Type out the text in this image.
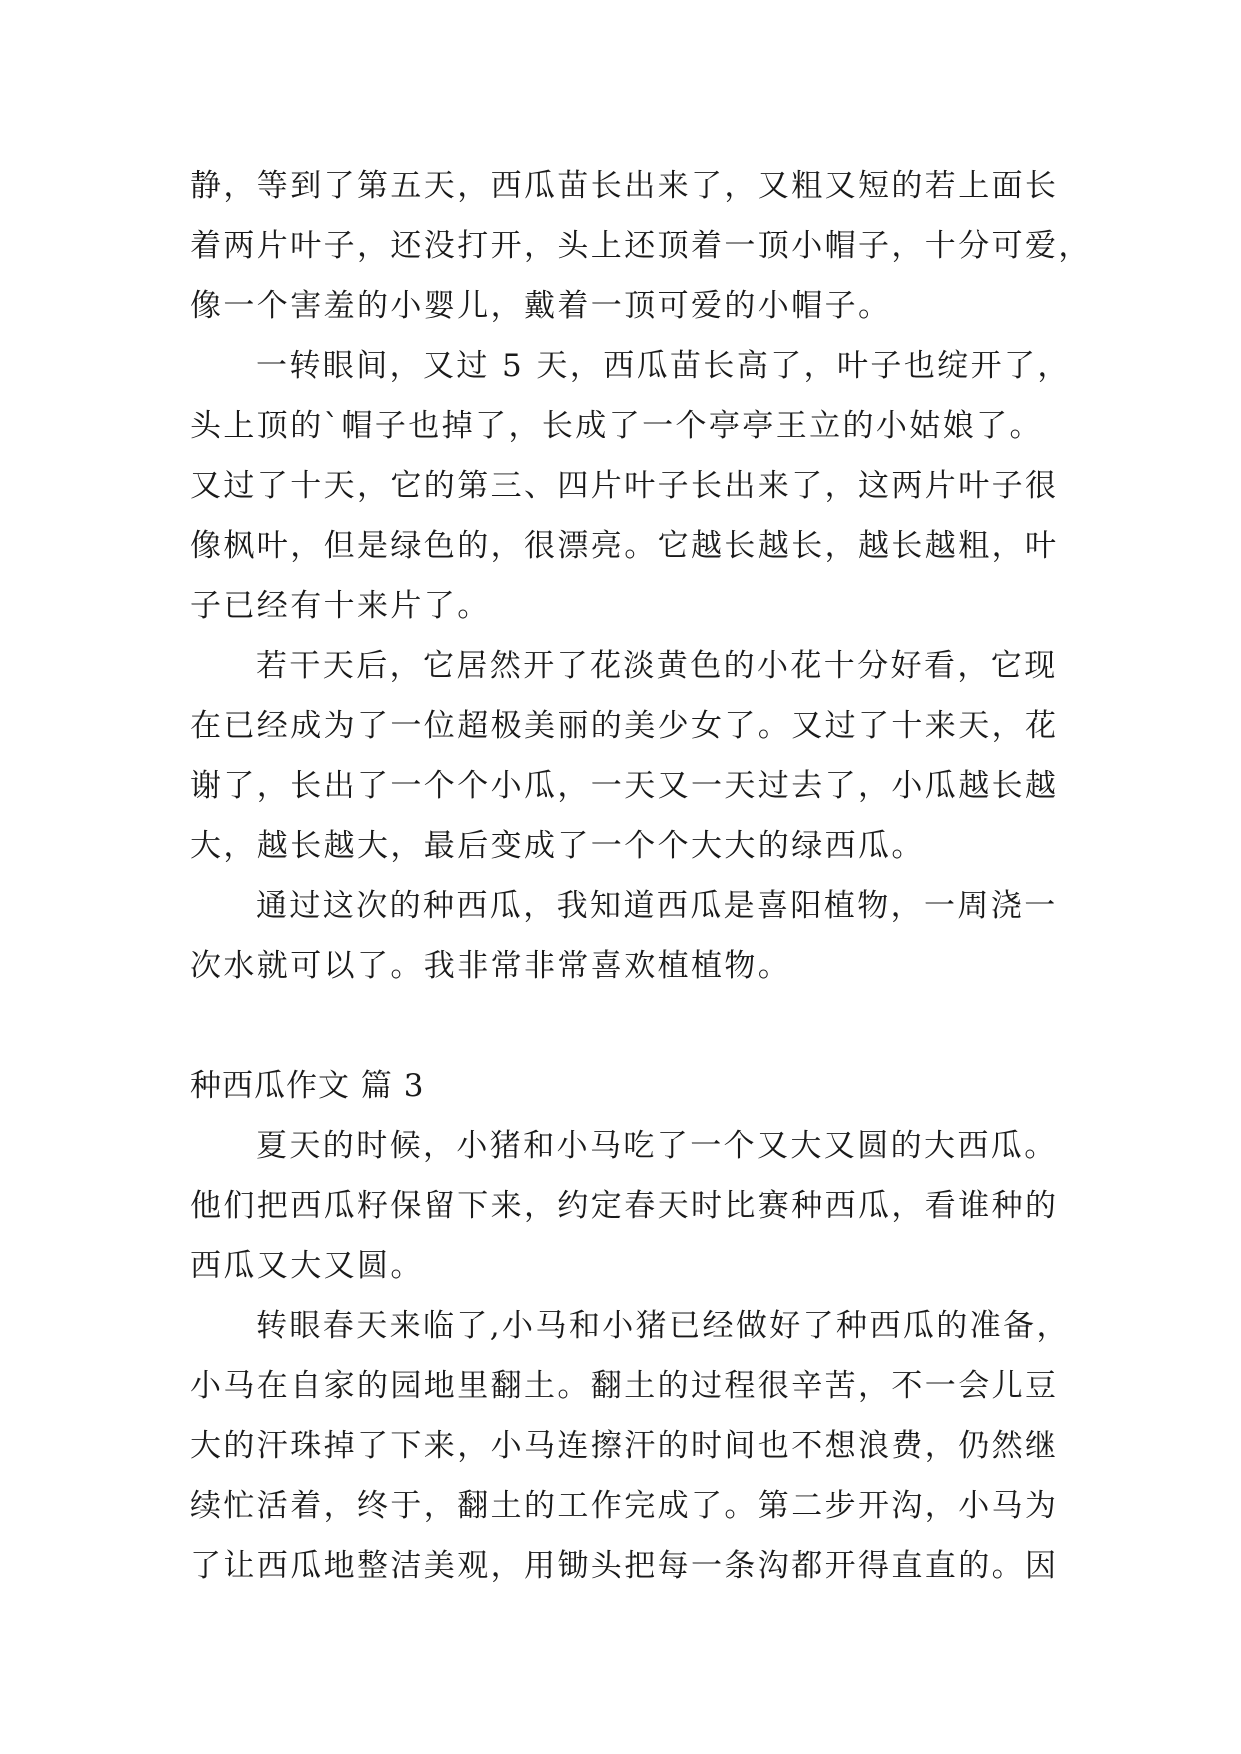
静，等到了第五天，西瓜苗长出来了，又粗又短的若上面长
着两片叶子，还没打开，头上还顶着一顶小帽子，十分可爱，
像一个害羞的小婴儿，戴着一顶可爱的小帽子。
一转眼间，又过 5 天，西瓜苗长高了，叶子也绽开了，
头上顶的`帽子也掉了，长成了一个亭亭王立的小姑娘了。
又过了十天，它的第三、四片叶子长出来了，这两片叶子很
像枫叶，但是绿色的，很漂亮。它越长越长，越长越粗，叶
子已经有十来片了。
若干天后，它居然开了花淡黄色的小花十分好看，它现
在已经成为了一位超极美丽的美少女了。又过了十来天，花
谢了，长出了一个个小瓜，一天又一天过去了，小瓜越长越
大，越长越大，最后变成了一个个大大的绿西瓜。
通过这次的种西瓜，我知道西瓜是喜阳植物，一周浇一
次水就可以了。我非常非常喜欢植植物。
种西瓜作文 篇 3
夏天的时候，小猪和小马吃了一个又大又圆的大西瓜。
他们把西瓜籽保留下来，约定春天时比赛种西瓜，看谁种的
西瓜又大又圆。
转眼春天来临了,小马和小猪已经做好了种西瓜的准备，
小马在自家的园地里翻土。翻土的过程很辛苦，不一会儿豆
大的汗珠掉了下来，小马连擦汗的时间也不想浪费，仍然继
续忙活着，终于，翻土的工作完成了。第二步开沟，小马为
了让西瓜地整洁美观，用锄头把每一条沟都开得直直的。因
